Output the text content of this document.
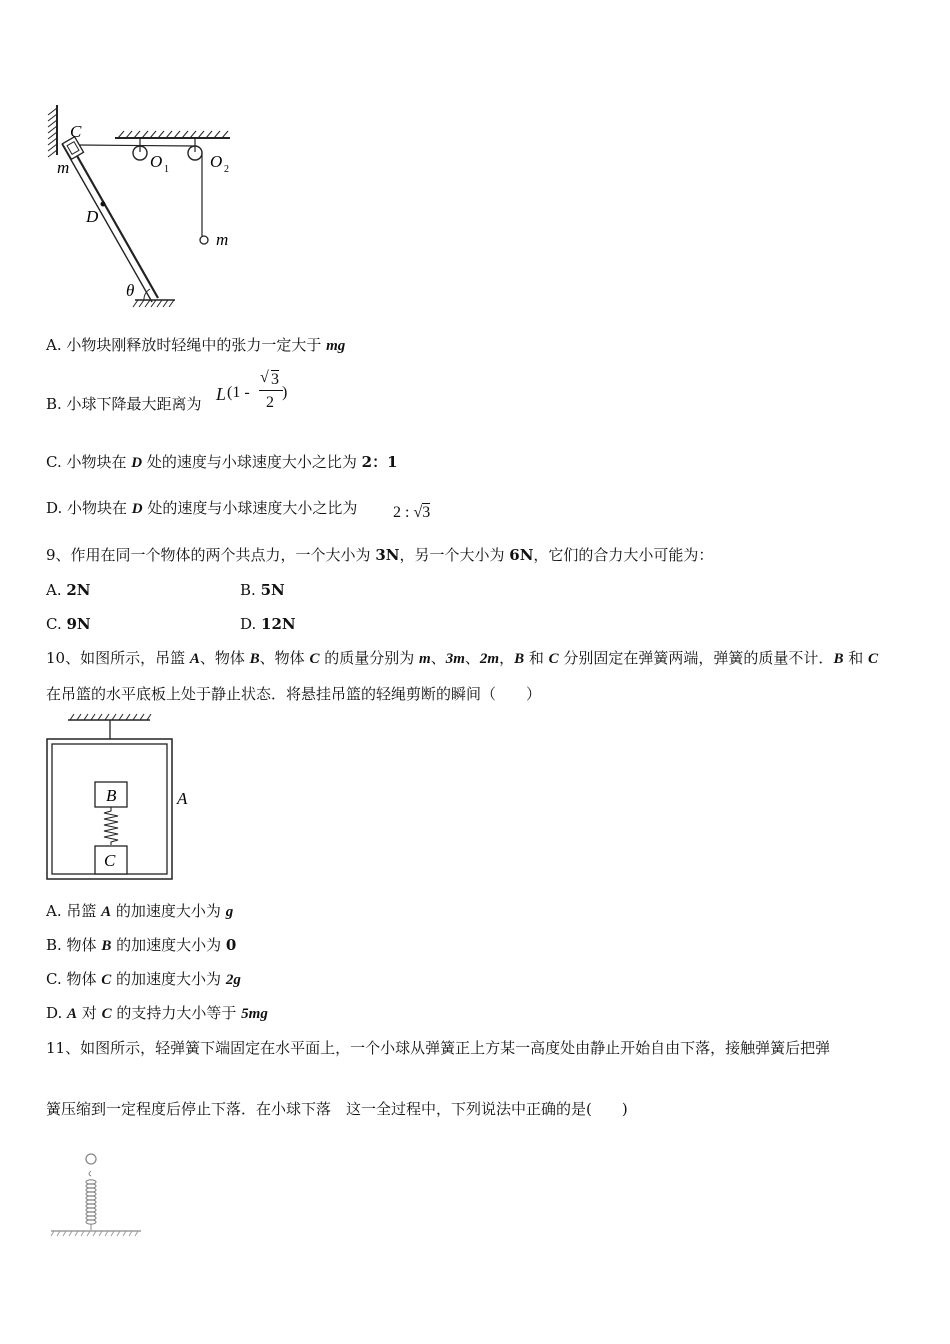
C
m
D
O 1 O 2
m
θ
A. 小物块刚释放时轻绳中的张力一定大于 mg
B. 小球下降最大距离为 L (1 -
√ 3
2
)
C. 小物块在 D 处的速度与小球速度大小之比为 2：1
D. 小物块在 D 处的速度与小球速度大小之比为	2 : √3

9、作用在同一个物体的两个共点力，一个大小为 3N，另一个大小为 6N，它们的合力大小可能为：
A. 2N	B. 5N
C. 9N	D. 12N
10、如图所示，吊篮 A、物体 B、物体 C 的质量分别为 m、3m、2m，B 和 C 分别固定在弹簧两端，弹簧的质量不计．B 和 C
在吊篮的水平底板上处于静止状态．将悬挂吊篮的轻绳剪断的瞬间（　　）
B
C
A
A. 吊篮 A 的加速度大小为 g
B. 物体 B 的加速度大小为 0
C. 物体 C 的加速度大小为 2g
D. A 对 C 的支持力大小等于 5mg
11、如图所示，轻弹簧下端固定在水平面上，一个小球从弹簧正上方某一高度处由静止开始自由下落，接触弹簧后把弹
簧压缩到一定程度后停止下落．在小球下落　这一全过程中，下列说法中正确的是(　　)
